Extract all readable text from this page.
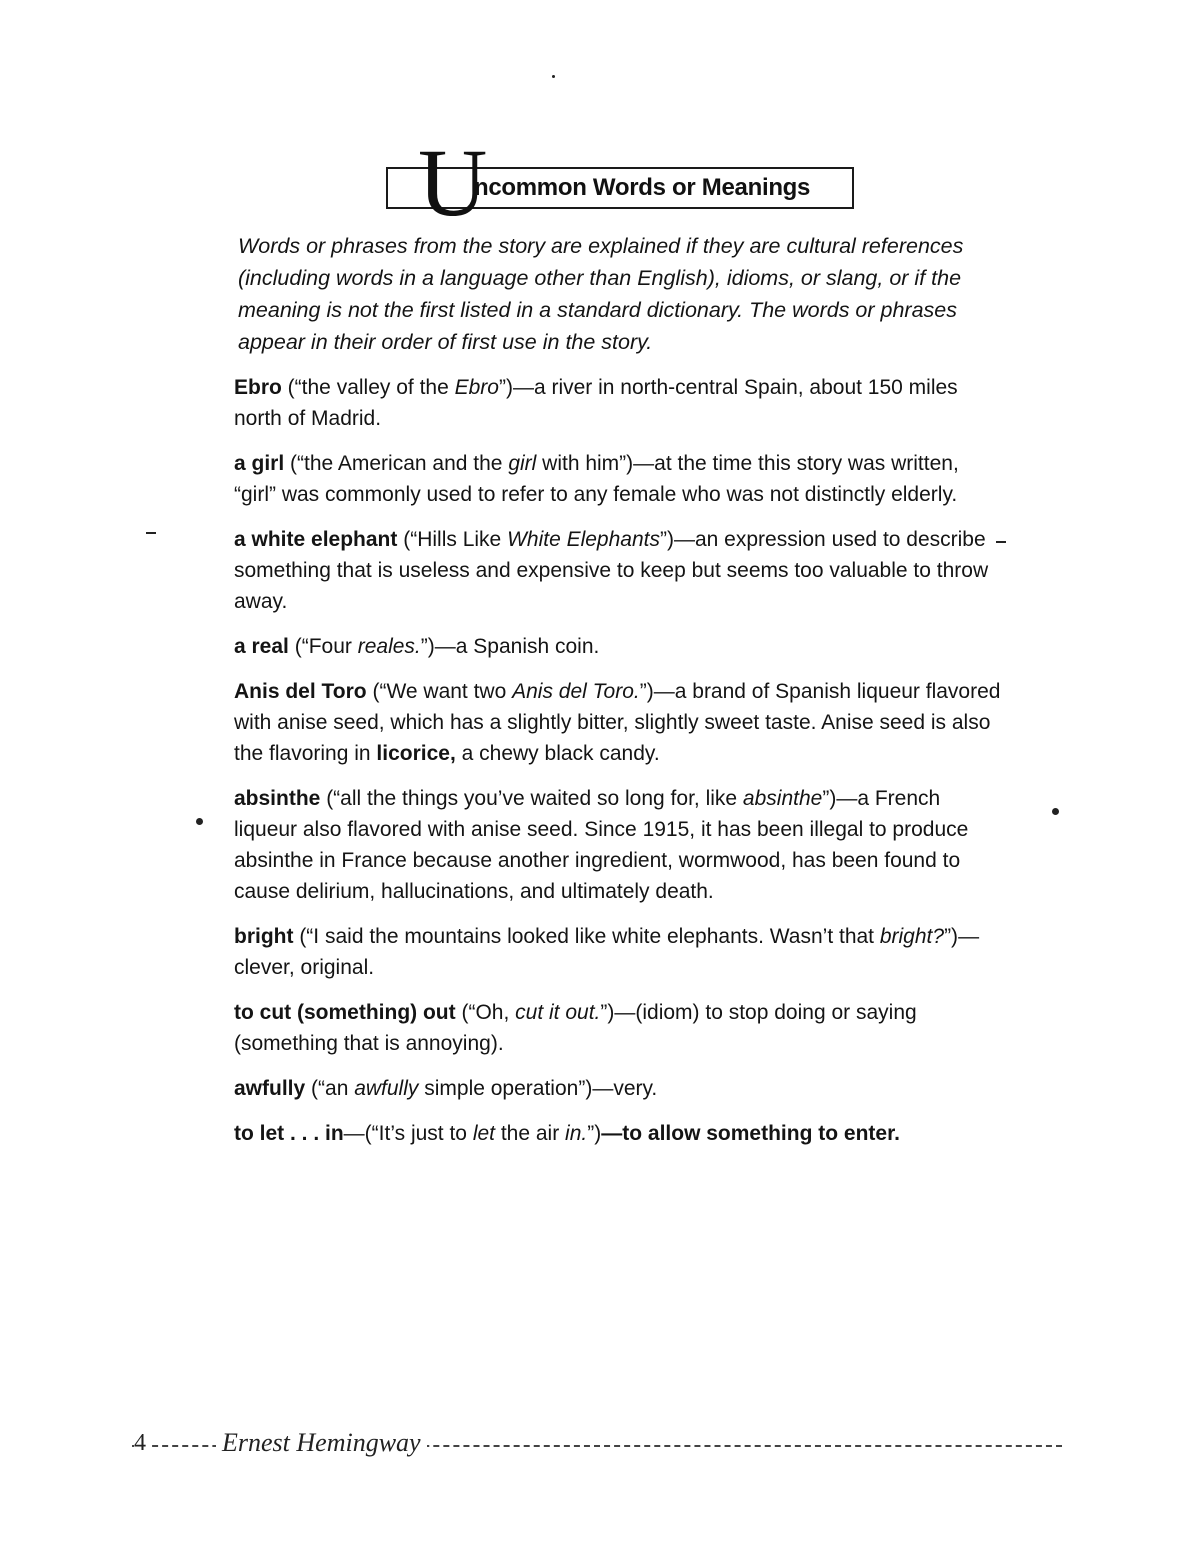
U
ncommon Words or Meanings

Words or phrases from the story are explained if they are cultural references (including words in a language other than English), idioms, or slang, or if the meaning is not the first listed in a standard dictionary. The words or phrases appear in their order of first use in the story.

Ebro (“the valley of the Ebro”)—a river in north-central Spain, about 150 miles north of Madrid.

a girl (“the American and the girl with him”)—at the time this story was written, “girl” was commonly used to refer to any female who was not distinctly elderly.

a white elephant (“Hills Like White Elephants”)—an expression used to describe something that is useless and expensive to keep but seems too valuable to throw away.

a real (“Four reales.”)—a Spanish coin.

Anis del Toro (“We want two Anis del Toro.”)—a brand of Spanish liqueur flavored with anise seed, which has a slightly bitter, slightly sweet taste. Anise seed is also the flavoring in licorice, a chewy black candy.

absinthe (“all the things you’ve waited so long for, like absinthe”)—a French liqueur also flavored with anise seed. Since 1915, it has been illegal to produce absinthe in France because another ingredient, wormwood, has been found to cause delirium, hallucinations, and ultimately death.

bright (“I said the mountains looked like white elephants. Wasn’t that bright?”)—clever, original.

to cut (something) out (“Oh, cut it out.”)—(idiom) to stop doing or saying (something that is annoying).

awfully (“an awfully simple operation”)—very.

to let . . . in—(“It’s just to let the air in.”)—to allow something to enter.

4	Ernest Hemingway
